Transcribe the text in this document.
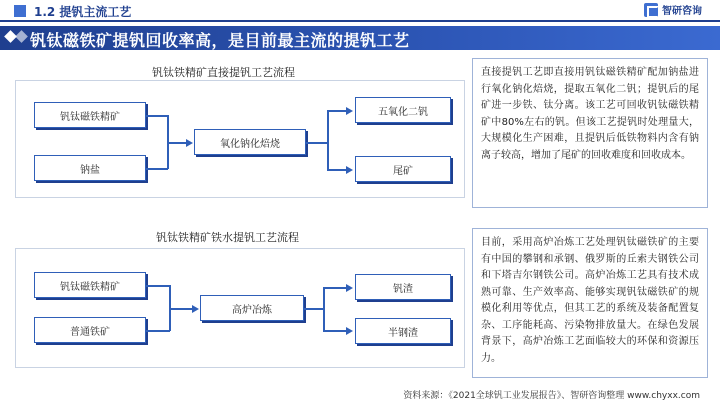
1.2 提钒主流工艺	智研咨询
钒钛磁铁矿提钒回收率高，是目前最主流的提钒工艺
钒钛铁精矿直接提钒工艺流程
钒钛磁铁精矿
钠盐
氧化钠化焙烧
五氧化二钒
尾矿
钒钛铁精矿铁水提钒工艺流程
钒钛磁铁精矿
普通铁矿
高炉冶炼
钒渣
半钢渣
直接提钒工艺即直接用钒钛磁铁精矿配加钠盐进行氧化钠化焙烧，提取五氧化二钒；提钒后的尾矿进一步铁、钛分离。该工艺可回收钒钛磁铁精矿中80%左右的钒。但该工艺提钒时处理量大，大规模化生产困难，且提钒后低铁物料内含有钠离子较高，增加了尾矿的回收难度和回收成本。
目前，采用高炉冶炼工艺处理钒钛磁铁矿的主要有中国的攀钢和承钢、俄罗斯的丘索夫钢铁公司和下塔吉尔钢铁公司。高炉冶炼工艺具有技术成熟可靠、生产效率高、能够实现钒钛磁铁矿的规模化利用等优点，但其工艺的系统及装备配置复杂、工序能耗高、污染物排放量大。在绿色发展背景下，高炉冶炼工艺面临较大的环保和资源压力。
资料来源：《2021全球钒工业发展报告》、智研咨询整理 www.chyxx.com
